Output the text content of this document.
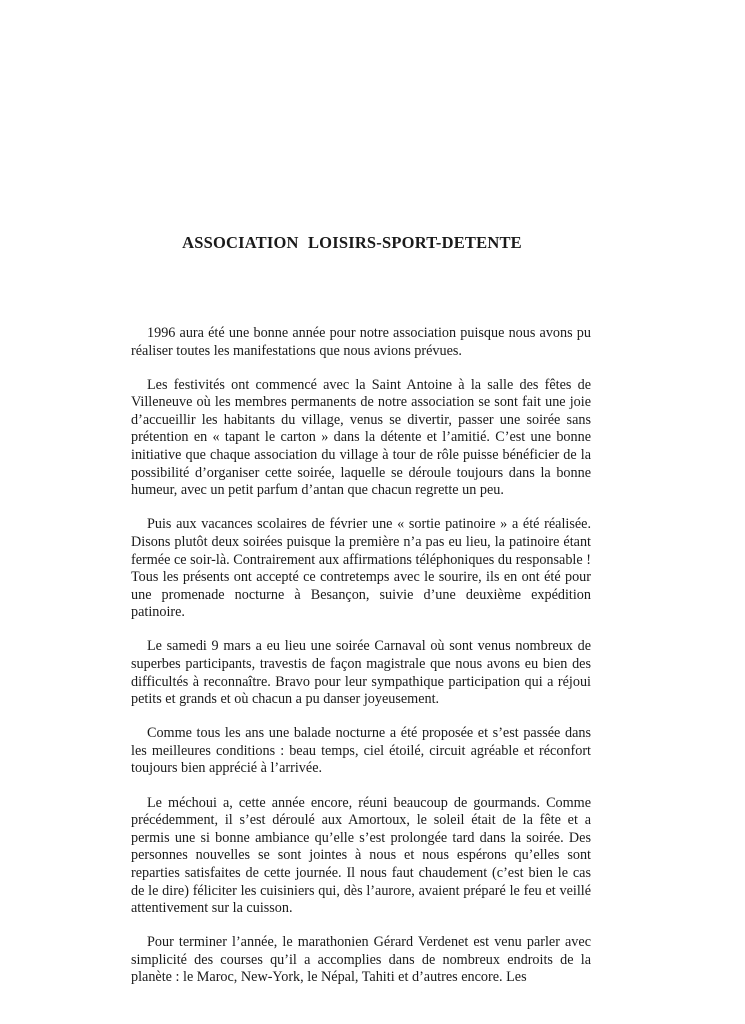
ASSOCIATION LOISIRS-SPORT-DETENTE

1996 aura été une bonne année pour notre association puisque nous avons pu réaliser toutes les manifestations que nous avions prévues.

Les festivités ont commencé avec la Saint Antoine à la salle des fêtes de Villeneuve où les membres permanents de notre association se sont fait une joie d’accueillir les habitants du village, venus se divertir, passer une soirée sans prétention en « tapant le carton » dans la détente et l’amitié. C’est une bonne initiative que chaque association du village à tour de rôle puisse bénéficier de la possibilité d’organiser cette soirée, laquelle se déroule toujours dans la bonne humeur, avec un petit parfum d’antan que chacun regrette un peu.

Puis aux vacances scolaires de février une « sortie patinoire » a été réalisée. Disons plutôt deux soirées puisque la première n’a pas eu lieu, la patinoire étant fermée ce soir-là. Contrairement aux affirmations téléphoniques du responsable ! Tous les présents ont accepté ce contretemps avec le sourire, ils en ont été pour une promenade nocturne à Besançon, suivie d’une deuxième expédition patinoire.

Le samedi 9 mars a eu lieu une soirée Carnaval où sont venus nombreux de superbes participants, travestis de façon magistrale que nous avons eu bien des difficultés à reconnaître. Bravo pour leur sympathique participation qui a réjoui petits et grands et où chacun a pu danser joyeusement.

Comme tous les ans une balade nocturne a été proposée et s’est passée dans les meilleures conditions : beau temps, ciel étoilé, circuit agréable et réconfort toujours bien apprécié à l’arrivée.

Le méchoui a, cette année encore, réuni beaucoup de gourmands. Comme précédemment, il s’est déroulé aux Amortoux, le soleil était de la fête et a permis une si bonne ambiance qu’elle s’est prolongée tard dans la soirée. Des personnes nouvelles se sont jointes à nous et nous espérons qu’elles sont reparties satisfaites de cette journée. Il nous faut chaudement (c’est bien le cas de le dire) féliciter les cuisiniers qui, dès l’aurore, avaient préparé le feu et veillé attentivement sur la cuisson.

Pour terminer l’année, le marathonien Gérard Verdenet est venu parler avec simplicité des courses qu’il a accomplies dans de nombreux endroits de la planète : le Maroc, New-York, le Népal, Tahiti et d’autres encore. Les
